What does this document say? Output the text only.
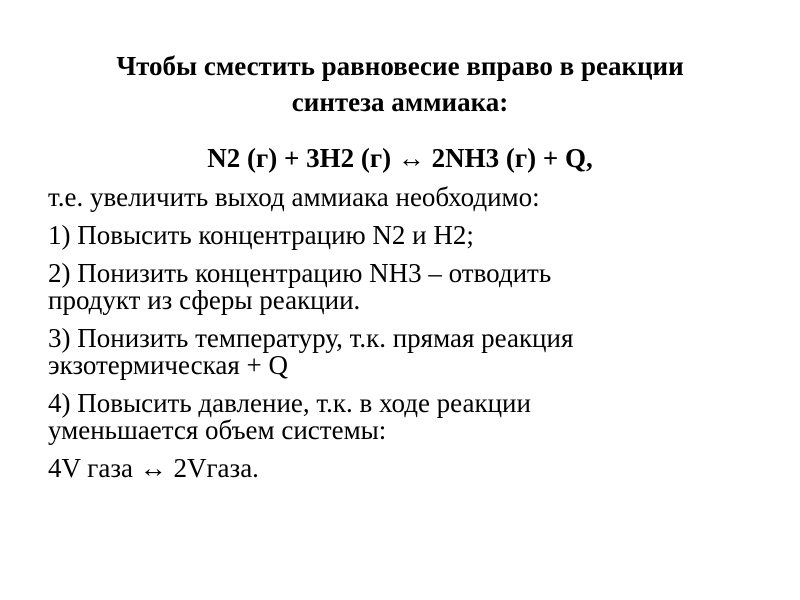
Чтобы сместить равновесие вправо в реакции
синтеза аммиака:
N2 (г) + 3H2 (г) ↔ 2NH3 (г) + Q,
т.е. увеличить выход аммиака необходимо:
1) Повысить концентрацию N2 и H2;
2) Понизить концентрацию NH3 – отводить
продукт из сферы реакции.
3) Понизить температуру, т.к. прямая реакция
экзотермическая + Q
4) Повысить давление, т.к. в ходе реакции
уменьшается объем системы:
4V газа ↔ 2Vгаза.
